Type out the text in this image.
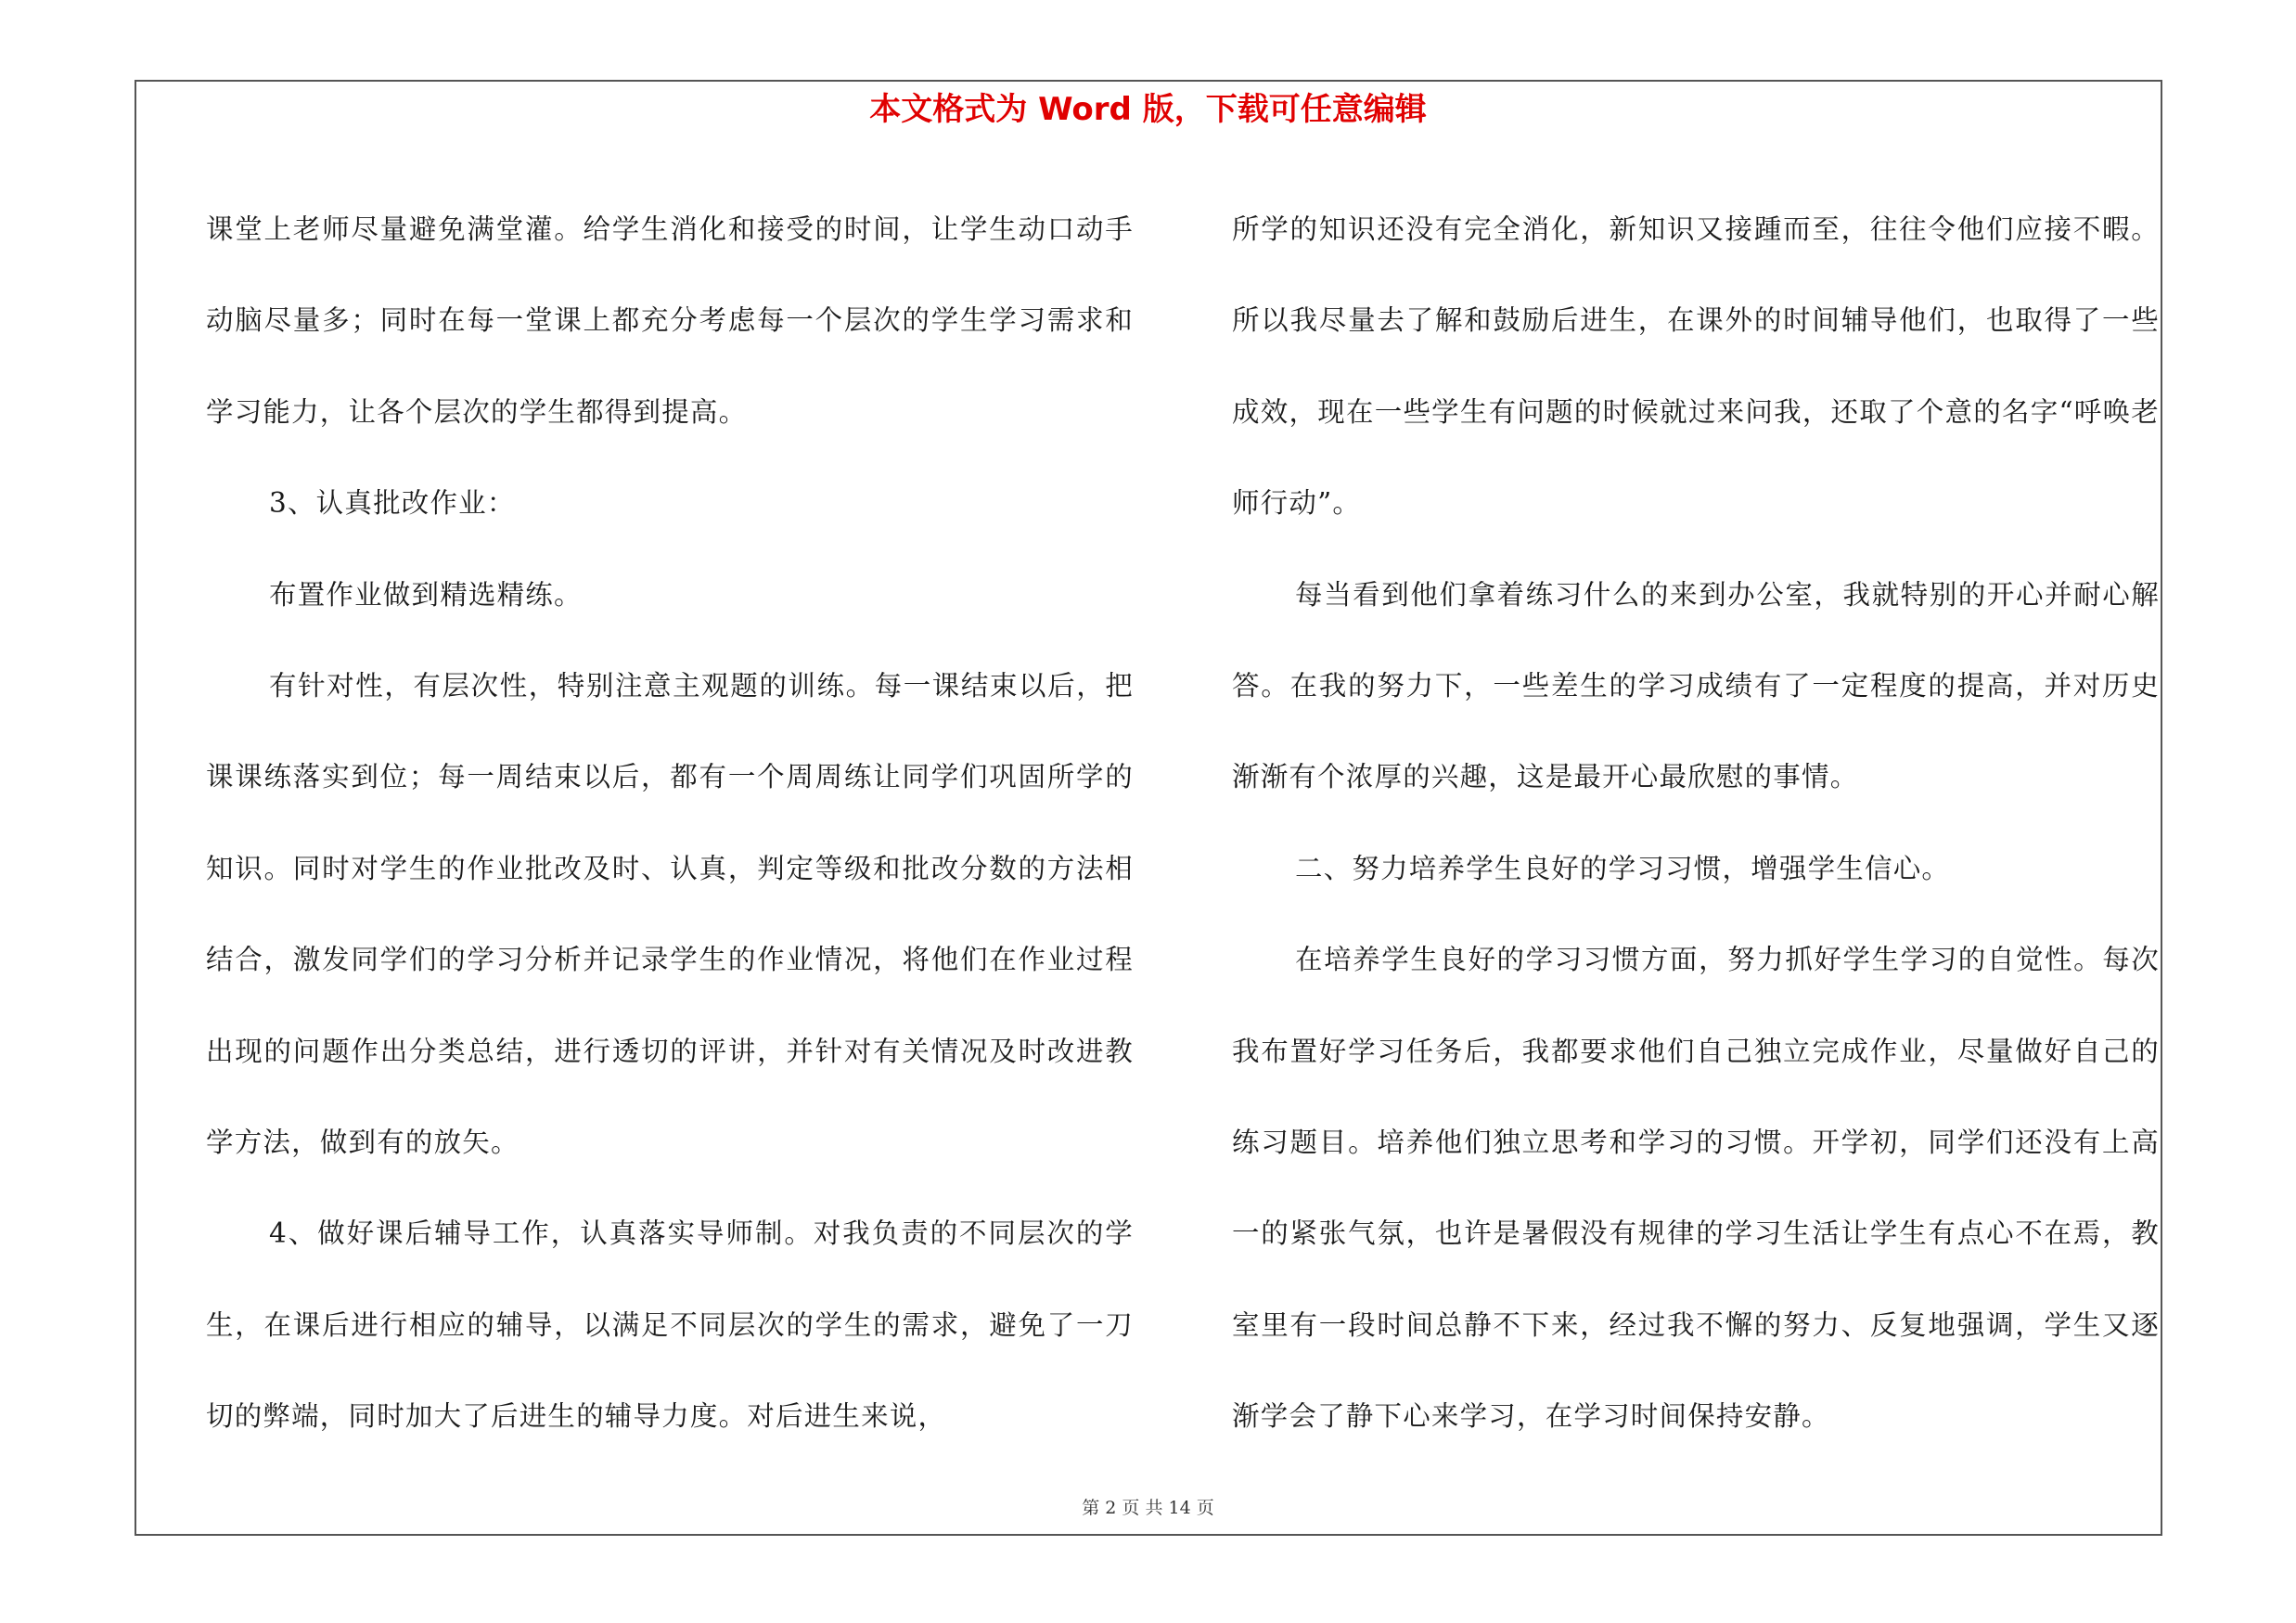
本文格式为 Word 版，下载可任意编辑

课堂上老师尽量避免满堂灌。给学生消化和接受的时间，让学生动口动手动脑尽量多；同时在每一堂课上都充分考虑每一个层次的学生学习需求和学习能力，让各个层次的学生都得到提高。

3、认真批改作业：

布置作业做到精选精练。

有针对性，有层次性，特别注意主观题的训练。每一课结束以后，把课课练落实到位；每一周结束以后，都有一个周周练让同学们巩固所学的知识。同时对学生的作业批改及时、认真，判定等级和批改分数的方法相结合，激发同学们的学习分析并记录学生的作业情况，将他们在作业过程出现的问题作出分类总结，进行透切的评讲，并针对有关情况及时改进教学方法，做到有的放矢。

4、做好课后辅导工作，认真落实导师制。对我负责的不同层次的学生，在课后进行相应的辅导，以满足不同层次的学生的需求，避免了一刀切的弊端，同时加大了后进生的辅导力度。对后进生来说，

所学的知识还没有完全消化，新知识又接踵而至，往往令他们应接不暇。所以我尽量去了解和鼓励后进生，在课外的时间辅导他们，也取得了一些成效，现在一些学生有问题的时候就过来问我，还取了个意的名字“呼唤老师行动”。

每当看到他们拿着练习什么的来到办公室，我就特别的开心并耐心解答。在我的努力下，一些差生的学习成绩有了一定程度的提高，并对历史渐渐有个浓厚的兴趣，这是最开心最欣慰的事情。

二、努力培养学生良好的学习习惯，增强学生信心。

在培养学生良好的学习习惯方面，努力抓好学生学习的自觉性。每次我布置好学习任务后，我都要求他们自己独立完成作业，尽量做好自己的练习题目。培养他们独立思考和学习的习惯。开学初，同学们还没有上高一的紧张气氛，也许是暑假没有规律的学习生活让学生有点心不在焉，教室里有一段时间总静不下来，经过我不懈的努力、反复地强调，学生又逐渐学会了静下心来学习，在学习时间保持安静。

第 2 页 共 14 页
